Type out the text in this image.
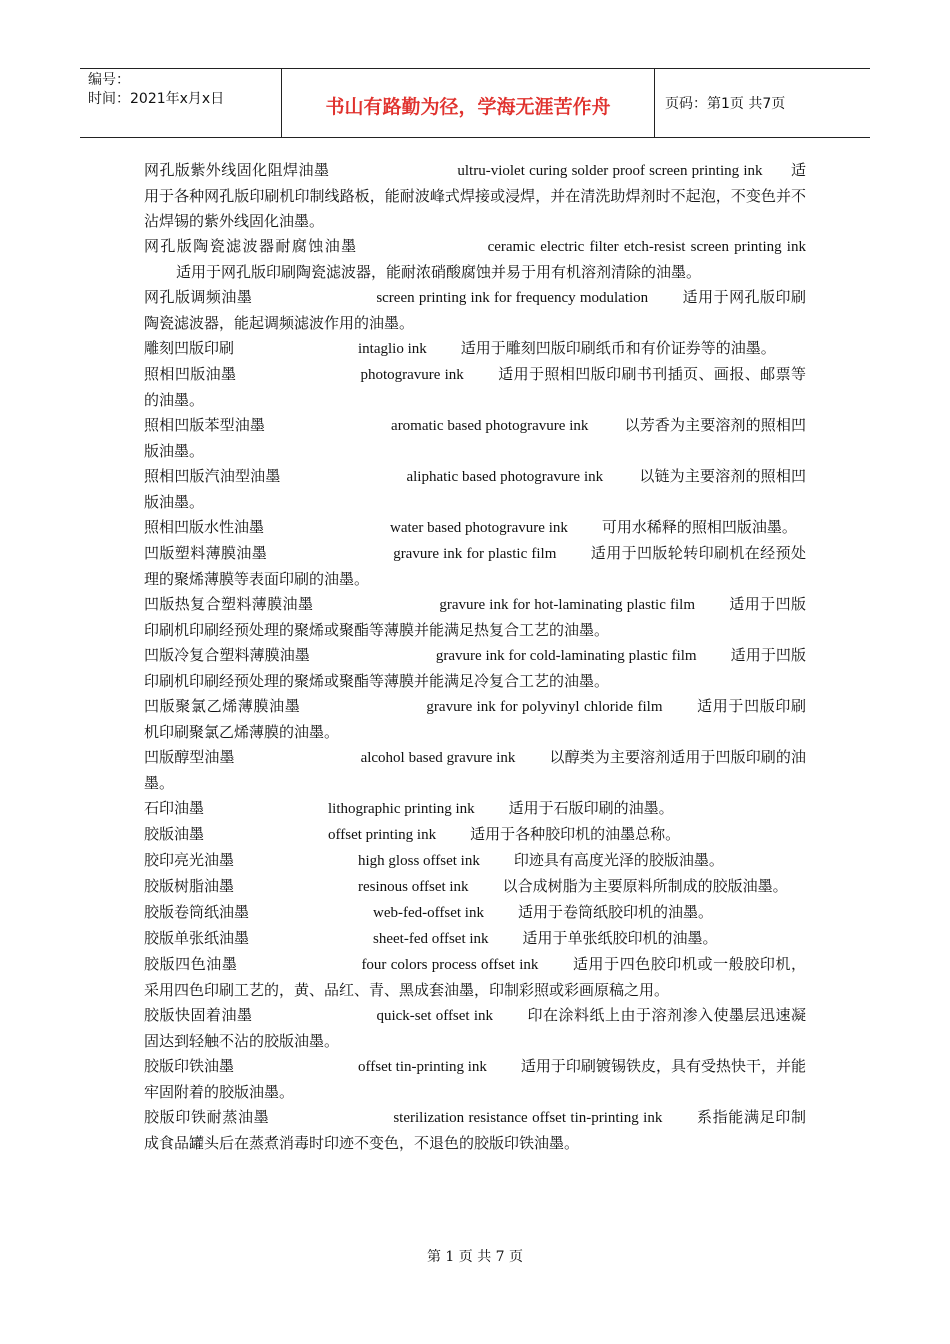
编号：
时间：2021年x月x日	书山有路勤为径，学海无涯苦作舟	页码：第1页 共7页

网孔版紫外线固化阻焊油墨	ultru-violet curing solder proof screen printing ink 适用于各种网孔版印刷机印制线路板，能耐波峰式焊接或浸焊，并在清洗助焊剂时不起泡，不变色并不沾焊锡的紫外线固化油墨。

网孔版陶瓷滤波器耐腐蚀油墨	ceramic electric filter etch-resist screen printing ink适用于网孔版印刷陶瓷滤波器，能耐浓硝酸腐蚀并易于用有机溶剂清除的油墨。

网孔版调频油墨	screen printing ink for frequency modulation 适用于网孔版印刷陶瓷滤波器，能起调频滤波作用的油墨。

雕刻凹版印刷	intaglio ink 适用于雕刻凹版印刷纸币和有价证券等的油墨。

照相凹版油墨	photogravure ink 适用于照相凹版印刷书刊插页、画报、邮票等的油墨。

照相凹版苯型油墨	aromatic based photogravure ink 以芳香为主要溶剂的照相凹版油墨。

照相凹版汽油型油墨	aliphatic based photogravure ink 以链为主要溶剂的照相凹版油墨。

照相凹版水性油墨	water based photogravure ink 可用水稀释的照相凹版油墨。

凹版塑料薄膜油墨	gravure ink for plastic film 适用于凹版轮转印刷机在经预处理的聚烯薄膜等表面印刷的油墨。

凹版热复合塑料薄膜油墨	gravure ink for hot-laminating plastic film 适用于凹版印刷机印刷经预处理的聚烯或聚酯等薄膜并能满足热复合工艺的油墨。

凹版冷复合塑料薄膜油墨	gravure ink for cold-laminating plastic film 适用于凹版印刷机印刷经预处理的聚烯或聚酯等薄膜并能满足冷复合工艺的油墨。

凹版聚氯乙烯薄膜油墨	gravure ink for polyvinyl chloride film 适用于凹版印刷机印刷聚氯乙烯薄膜的油墨。

凹版醇型油墨	alcohol based gravure ink 以醇类为主要溶剂适用于凹版印刷的油墨。

石印油墨	lithographic printing ink 适用于石版印刷的油墨。

胶版油墨	offset printing ink 适用于各种胶印机的油墨总称。

胶印亮光油墨	high gloss offset ink 印迹具有高度光泽的胶版油墨。

胶版树脂油墨	resinous offset ink 以合成树脂为主要原料所制成的胶版油墨。

胶版卷筒纸油墨	web-fed-offset ink 适用于卷筒纸胶印机的油墨。

胶版单张纸油墨	sheet-fed offset ink 适用于单张纸胶印机的油墨。

胶版四色油墨	four colors process offset ink 适用于四色胶印机或一般胶印机，采用四色印刷工艺的，黄、品红、青、黑成套油墨，印制彩照或彩画原稿之用。

胶版快固着油墨	quick-set offset ink 印在涂料纸上由于溶剂渗入使墨层迅速凝固达到轻触不沾的胶版油墨。

胶版印铁油墨	offset tin-printing ink 适用于印刷镀锡铁皮，具有受热快干，并能牢固附着的胶版油墨。

胶版印铁耐蒸油墨	sterilization resistance offset tin-printing ink 系指能满足印制成食品罐头后在蒸煮消毒时印迹不变色，不退色的胶版印铁油墨。

第 1 页 共 7 页
